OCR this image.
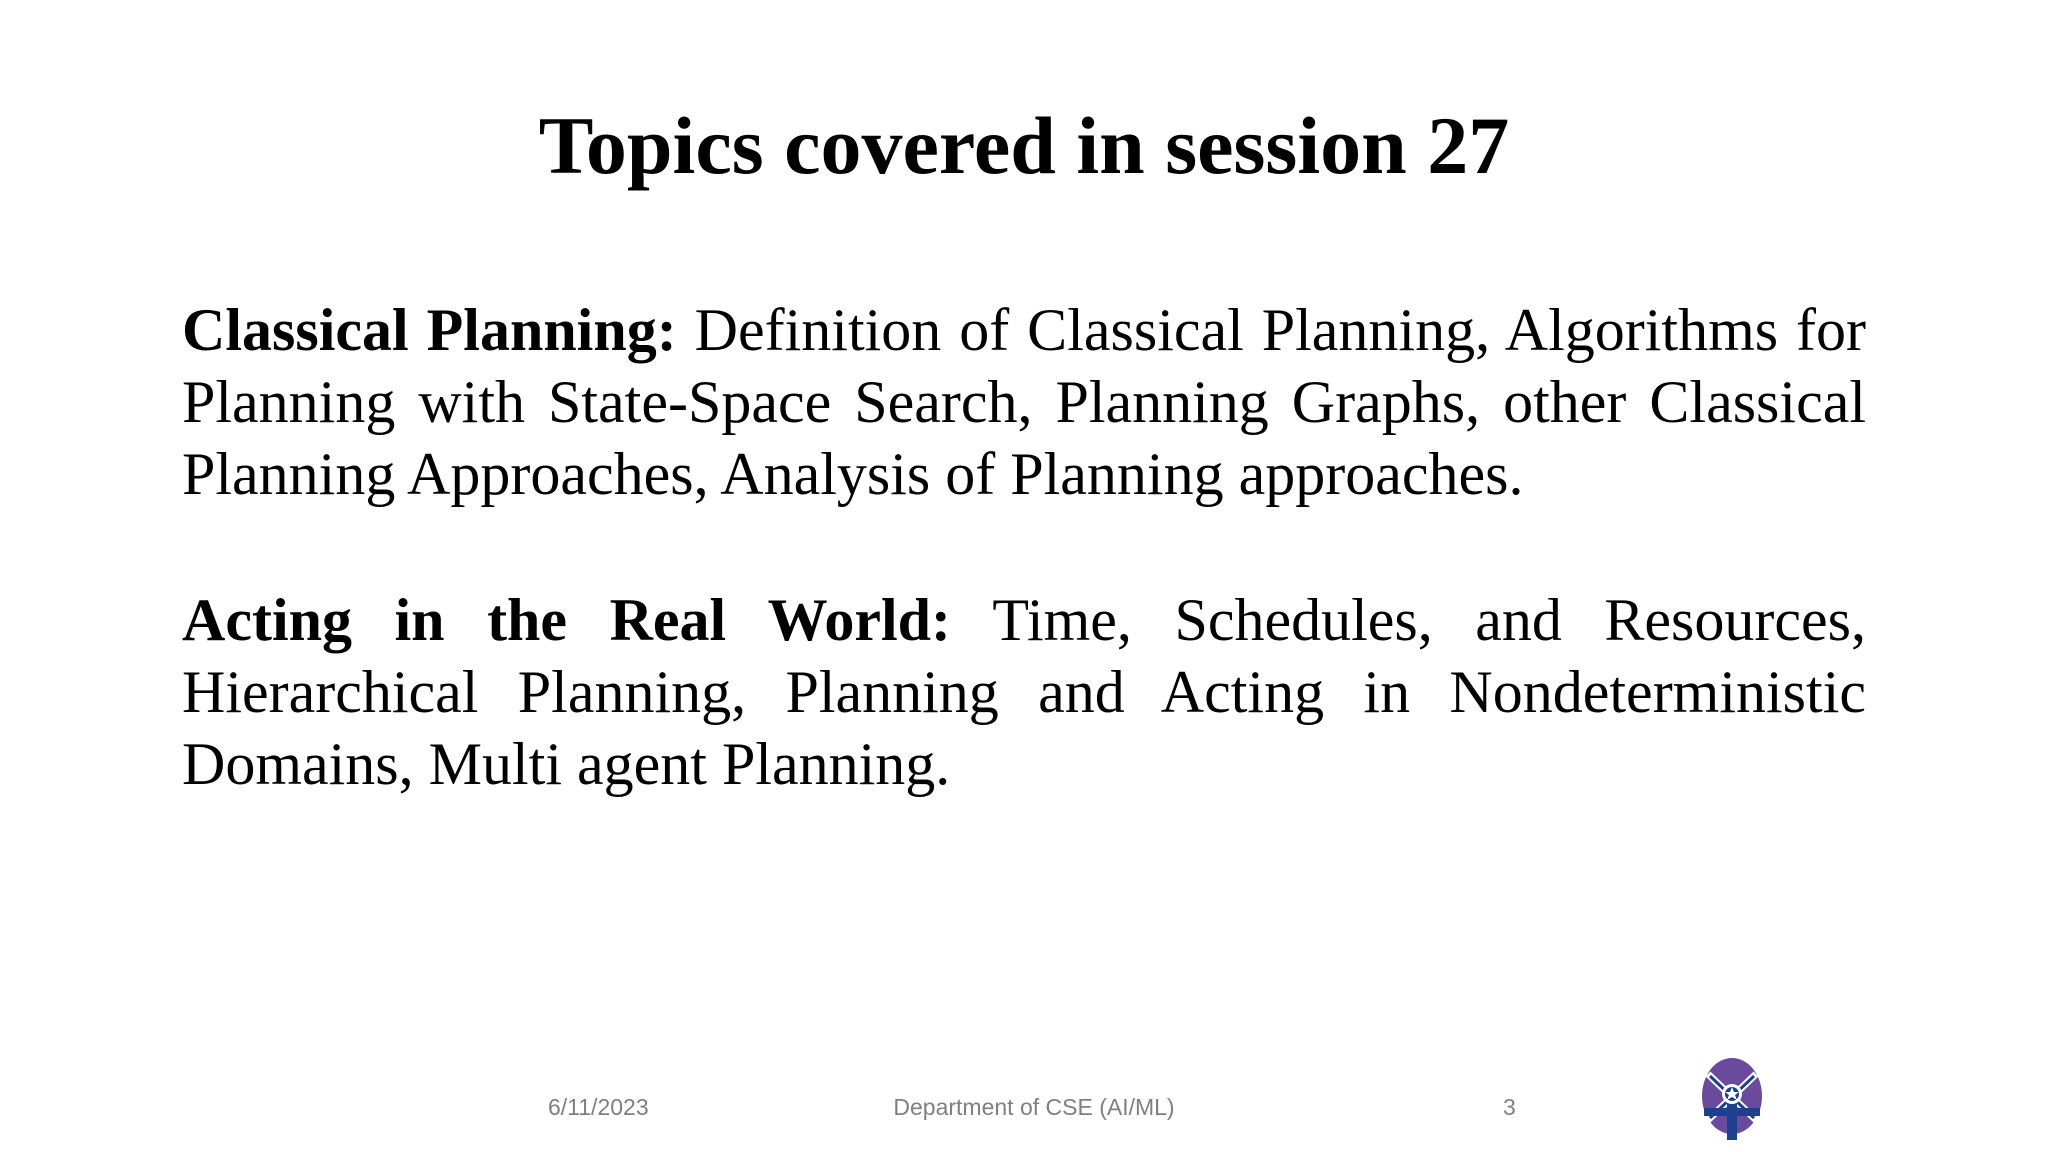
Topics covered in session 27
Classical Planning: Definition of Classical Planning, Algorithms for Planning with State-Space Search, Planning Graphs, other Classical Planning Approaches, Analysis of Planning approaches.
Acting in the Real World: Time, Schedules, and Resources, Hierarchical Planning, Planning and Acting in Nondeterministic Domains, Multi agent Planning.
6/11/2023	Department of CSE (AI/ML)	3
